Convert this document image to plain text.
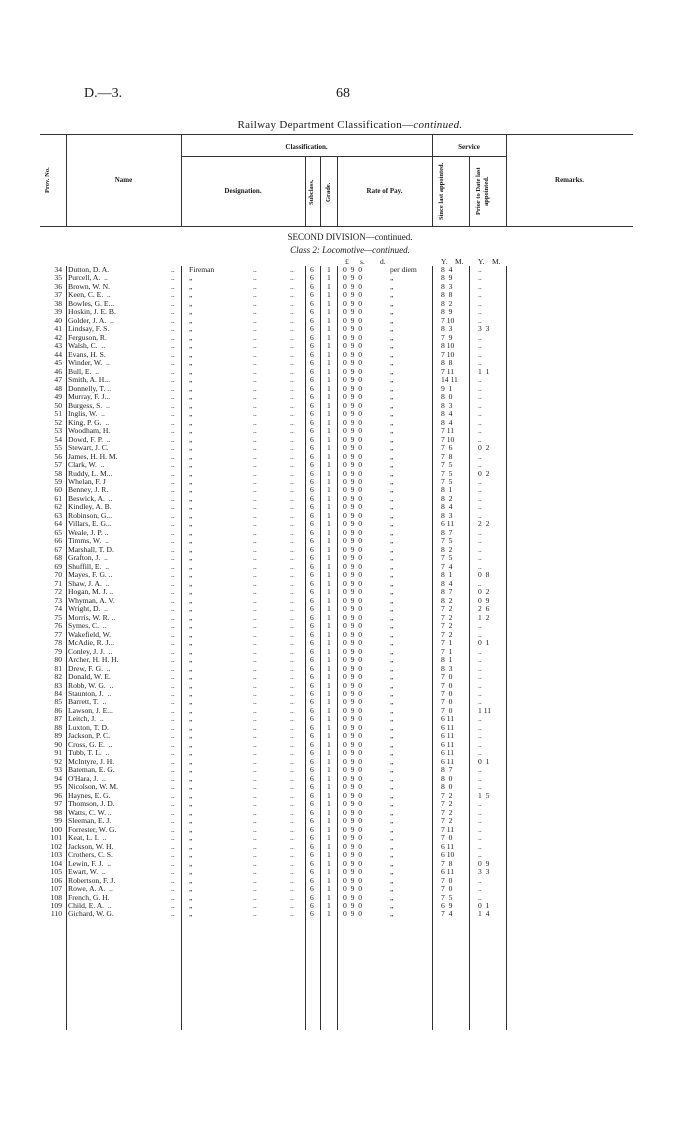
D.—3.	68
Railway Department Classification—continued.
Prov. No.	Name
Classification.
Designation.	Subclass. Grade.	Rate of Pay.
Service
Since last appointed.	Prior to Date last appointed.	Remarks.
SECOND DIVISION—continued.
Class 2: Locomotive—continued.
£ s. d.	Y. M. Y. M.
34 Dutton, D. A.	.. Fireman	..	.. 6 1 0  9  0	per diem	8  4	..
35 Purcell, A.  ..	.. „	..	.. 6 1 0  9  0	„	8  9	..
36 Brown, W. N.	.. „	..	.. 6 1 0  9  0	„	8  3	..
37 Keen, C. E.  ..	.. „	..	.. 6 1 0  9  0	„	8  8	..
38 Bowles, G. E...	.. „	..	.. 6 1 0  9  0	„	8  2	..
39 Hoskin, J. E. B.	.. „	..	.. 6 1 0  9  0	„	8  9	..
40 Golder, J. A.  ..	.. „	..	.. 6 1 0  9  0	„	7 10	..
41 Lindsay, F. S.	.. „	..	.. 6 1 0  9  0	„	8  3	3  3
42 Ferguson, R.	.. „	..	.. 6 1 0  9  0	„	7  9	..
43 Walsh, C.  ..	.. „	..	.. 6 1 0  9  0	„	8 10	..
44 Evans, H. S.	.. „	..	.. 6 1 0  9  0	„	7 10	..
45 Winder, W.  ..	.. „	..	.. 6 1 0  9  0	„	8  8	..
46 Bull, E.  ..	.. „	..	.. 6 1 0  9  0	„	7 11	1  1
47 Smith, A. H...	.. „	..	.. 6 1 0  9  0	„	14 11	..
48 Donnelly, T. ..	.. „	..	.. 6 1 0  9  0	„	9  1	..
49 Murray, F. J...	.. „	..	.. 6 1 0  9  0	„	8  0	..
50 Burgess, S.  ..	.. „	..	.. 6 1 0  9  0	„	8  3	..
51 Inglis, W.  ..	.. „	..	.. 6 1 0  9  0	„	8  4	..
52 King, P. G.  ..	.. „	..	.. 6 1 0  9  0	„	8  4	..
53 Woodham, H.	.. „	..	.. 6 1 0  9  0	„	7 11	..
54 Dowd, F. P.  ..	.. „	..	.. 6 1 0  9  0	„	7 10	..
55 Stewart, J. C.	.. „	..	.. 6 1 0  9  0	„	7  6	0  2
56 James, H. H. M.	.. „	..	.. 6 1 0  9  0	„	7  8	..
57 Clark, W.  ..	.. „	..	.. 6 1 0  9  0	„	7  5	..
58 Ruddy, L. M...	.. „	..	.. 6 1 0  9  0	„	7  5	0  2
59 Whelan, F. J	.. „	..	.. 6 1 0  9  0	„	7  5	..
60 Benney, J. R.	.. „	..	.. 6 1 0  9  0	„	8  1	..
61 Beswick, A.  ..	.. „	..	.. 6 1 0  9  0	„	8  2	..
62 Kindley, A. B.	.. „	..	.. 6 1 0  9  0	„	8  4	..
63 Robinson, G...	.. „	..	.. 6 1 0  9  0	„	8  3	..
64 Villars, E. G...	.. „	..	.. 6 1 0  9  0	„	6 11	2  2
65 Weale, J. P. ..	.. „	..	.. 6 1 0  9  0	„	8  7	..
66 Timms, W.  ..	.. „	..	.. 6 1 0  9  0	„	7  5	..
67 Marshall, T. D.	.. „	..	.. 6 1 0  9  0	„	8  2	..
68 Grafton, J.  ..	.. „	..	.. 6 1 0  9  0	„	7  5	..
69 Shuffill, E.  ..	.. „	..	.. 6 1 0  9  0	„	7  4	..
70 Mayes, F. G. ..	.. „	..	.. 6 1 0  9  0	„	8  1	0  8
71 Shaw, J. A.  ..	.. „	..	.. 6 1 0  9  0	„	8  4	..
72 Hogan, M. J. ..	.. „	..	.. 6 1 0  9  0	„	8  7	0  2
73 Whyman, A. V.	.. „	..	.. 6 1 0  9  0	„	8  2	0  9
74 Wright, D.  ..	.. „	..	.. 6 1 0  9  0	„	7  2	2  6
75 Morris, W. R. ..	.. „	..	.. 6 1 0  9  0	„	7  2	1  2
76 Symes, C.  ..	.. „	..	.. 6 1 0  9  0	„	7  2	..
77 Wakefield, W.	.. „	..	.. 6 1 0  9  0	„	7  2	..
78 McAdie, R. J...	.. „	..	.. 6 1 0  9  0	„	7  1	0  1
79 Conley, J. J.  ..	.. „	..	.. 6 1 0  9  0	„	7  1	..
80 Archer, H. H. H.	.. „	..	.. 6 1 0  9  0	„	8  1	..
81 Drew, F. G.  ..	.. „	..	.. 6 1 0  9  0	„	8  3	..
82 Donald, W. E.	.. „	..	.. 6 1 0  9  0	„	7  0	..
83 Robb, W. G.  ..	.. „	..	.. 6 1 0  9  0	„	7  0	..
84 Staunton, J.  ..	.. „	..	.. 6 1 0  9  0	„	7  0	..
85 Barrett, T.  ..	.. „	..	.. 6 1 0  9  0	„	7  0	..
86 Lawson, J. E...	.. „	..	.. 6 1 0  9  0	„	7  0	1 11
87 Leitch, J.  ..	.. „	..	.. 6 1 0  9  0	„	6 11	..
88 Luxton, T. D.	.. „	..	.. 6 1 0  9  0	„	6 11	..
89 Jackson, P. C.	.. „	..	.. 6 1 0  9  0	„	6 11	..
90 Cross, G. E.  ..	.. „	..	.. 6 1 0  9  0	„	6 11	..
91 Tubb, T. L.  ..	.. „	..	.. 6 1 0  9  0	„	6 11	..
92 McIntyre, J. H.	.. „	..	.. 6 1 0  9  0	„	6 11	0  1
93 Bateman, E. G.	.. „	..	.. 6 1 0  9  0	„	8  7	..
94 O'Hara, J.  ..	.. „	..	.. 6 1 0  9  0	„	8  0	..
95 Nicolson, W. M.	.. „	..	.. 6 1 0  9  0	„	8  0	..
96 Haynes, E. G.	.. „	..	.. 6 1 0  9  0	„	7  2	1  5
97 Thomson, J. D.	.. „	..	.. 6 1 0  9  0	„	7  2	..
98 Watts, C. W. ..	.. „	..	.. 6 1 0  9  0	„	7  2	..
99 Sleeman, E. J.	.. „	..	.. 6 1 0  9  0	„	7  2	..
100 Forrester, W. G.	.. „	..	.. 6 1 0  9  0	„	7 11	..
101 Keat, L. I.  ..	.. „	..	.. 6 1 0  9  0	„	7  0	..
102 Jackson, W. H.	.. „	..	.. 6 1 0  9  0	„	6 11	..
103 Crothers, C. S.	.. „	..	.. 6 1 0  9  0	„	6 10	..
104 Lewin, F. J.  ..	.. „	..	.. 6 1 0  9  0	„	7  8	0  9
105 Ewart, W.  ..	.. „	..	.. 6 1 0  9  0	„	6 11	3  3
106 Robertson, F. J.	.. „	..	.. 6 1 0  9  0	„	7  0	..
107 Rowe, A. A.  ..	.. „	..	.. 6 1 0  9  0	„	7  0	..
108 French, G. H.	.. „	..	.. 6 1 0  9  0	„	7  5	..
109 Child, E. A.  ..	.. „	..	.. 6 1 0  9  0	„	6  9	0  1
110 Gichard, W. G.	.. „	..	.. 6 1 0  9  0	„	7  4	1  4
